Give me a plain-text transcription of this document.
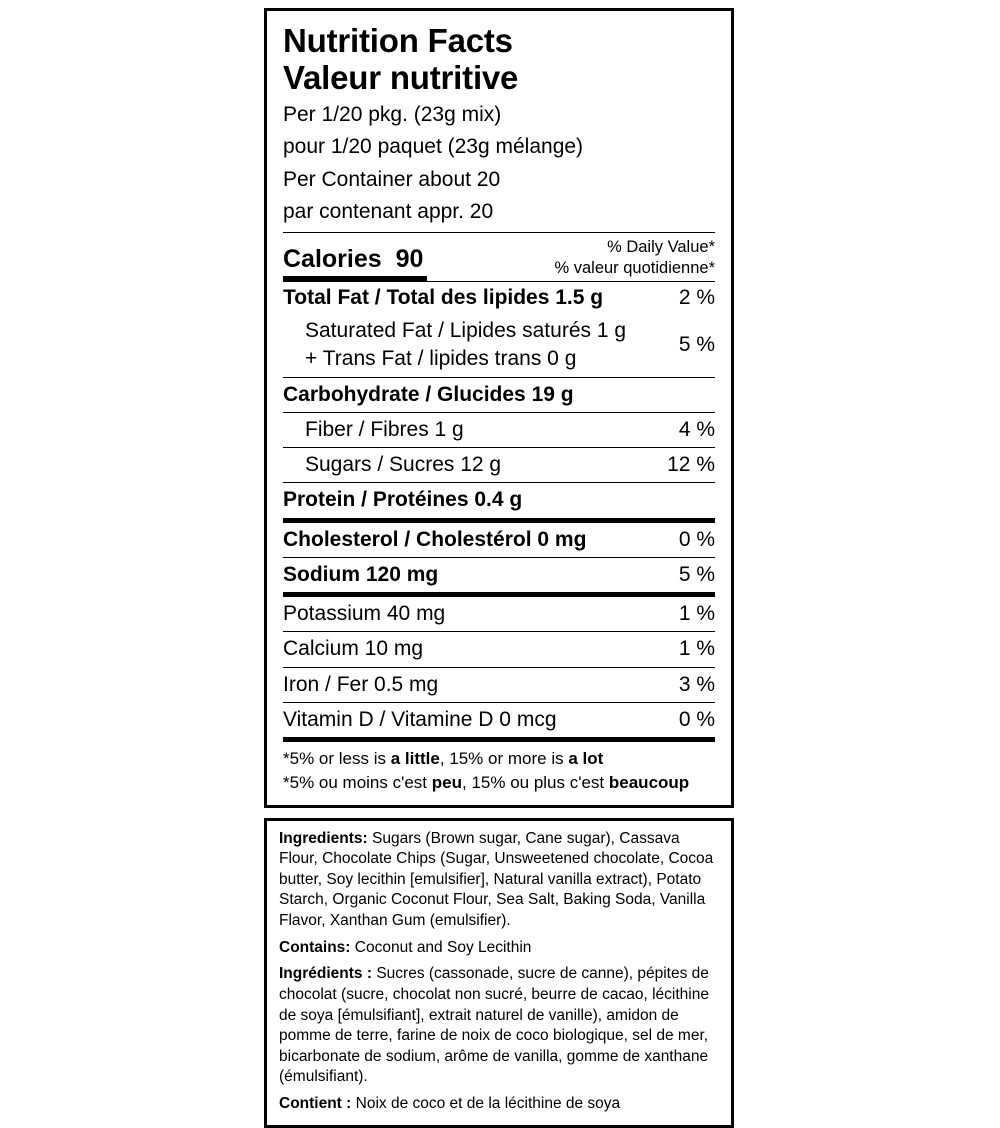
Nutrition Facts
Valeur nutritive
Per 1/20 pkg. (23g mix)
pour 1/20 paquet (23g mélange)
Per Container about 20
par contenant appr. 20
Calories 90	% Daily Value*
% valeur quotidienne*
Total Fat / Total des lipides 1.5 g	2 %
Saturated Fat / Lipides saturés 1 g
+ Trans Fat / lipides trans 0 g
5 %
Carbohydrate / Glucides 19 g
Fiber / Fibres 1 g	4 %
Sugars / Sucres 12 g	12 %
Protein / Protéines 0.4 g
Cholesterol / Cholestérol 0 mg	0 %
Sodium 120 mg	5 %
Potassium 40 mg	1 %
Calcium 10 mg	1 %
Iron / Fer 0.5 mg	3 %
Vitamin D / Vitamine D 0 mcg	0 %
*5% or less is a little, 15% or more is a lot
*5% ou moins c'est peu, 15% ou plus c'est beaucoup

Ingredients: Sugars (Brown sugar, Cane sugar), Cassava Flour, Chocolate Chips (Sugar, Unsweetened chocolate, Cocoa butter, Soy lecithin [emulsifier], Natural vanilla extract), Potato Starch, Organic Coconut Flour, Sea Salt, Baking Soda, Vanilla Flavor, Xanthan Gum (emulsifier).

Contains: Coconut and Soy Lecithin

Ingrédients : Sucres (cassonade, sucre de canne), pépites de chocolat (sucre, chocolat non sucré, beurre de cacao, lécithine de soya [émulsifiant], extrait naturel de vanille), amidon de pomme de terre, farine de noix de coco biologique, sel de mer, bicarbonate de sodium, arôme de vanilla, gomme de xanthane (émulsifiant).

Contient : Noix de coco et de la lécithine de soya
